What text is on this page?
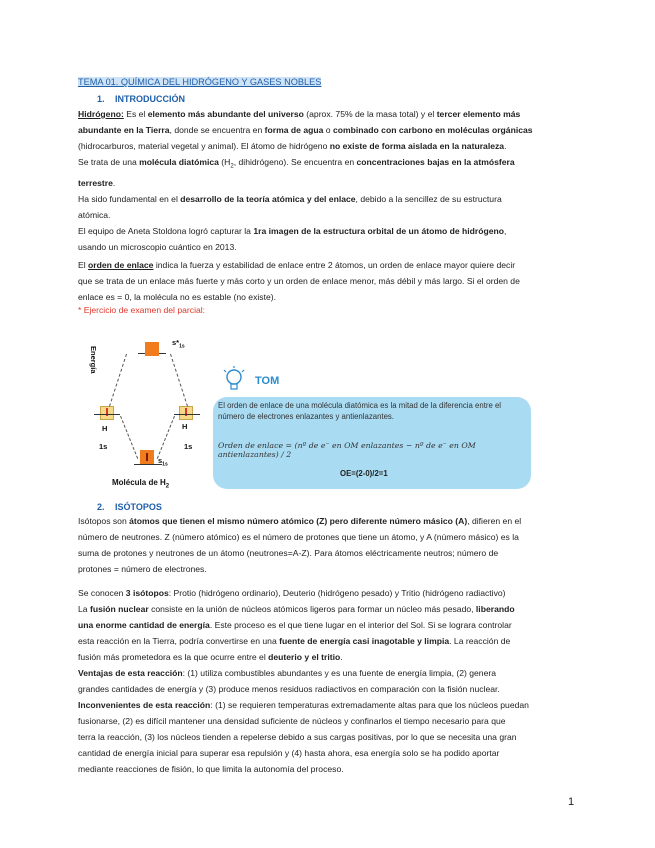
TEMA 01. QUÍMICA DEL HIDRÓGENO Y GASES NOBLES
1. INTRODUCCIÓN
Hidrógeno: Es el elemento más abundante del universo (aprox. 75% de la masa total) y el tercer elemento más
abundante en la Tierra, donde se encuentra en forma de agua o combinado con carbono en moléculas orgánicas
(hidrocarburos, material vegetal y animal). El átomo de hidrógeno no existe de forma aislada en la naturaleza.
Se trata de una molécula diatómica ($H_2$, dihidrógeno). Se encuentra en concentraciones bajas en la atmósfera
terrestre.
Ha sido fundamental en el desarrollo de la teoría atómica y del enlace, debido a la sencillez de su estructura
atómica.
El equipo de Aneta Stoldona logró capturar la 1ra imagen de la estructura orbital de un átomo de hidrógeno,
usando un microscopio cuántico en 2013.
El orden de enlace indica la fuerza y estabilidad de enlace entre 2 átomos, un orden de enlace mayor quiere decir
que se trata de un enlace más fuerte y más corto y un orden de enlace menor, más débil y más largo. Si el orden de
enlace es = 0, la molécula no es estable (no existe).
* Ejercicio de examen del parcial:
Energía
$s*_{1s}$
H	H
1s	1s
$s_{1s}$
Molécula de $H_2$
TOM
El orden de enlace de una molécula diatómica es la mitad de la diferencia entre el número de electrones enlazantes y antienlazantes.
Orden de enlace = (nº de e⁻ en OM enlazantes − nº de e⁻ en OM antienlazantes) / 2
OE=(2-0)/2=1
2. ISÓTOPOS
Isótopos son átomos que tienen el mismo número atómico (Z) pero diferente número másico (A), difieren en el
número de neutrones. Z (número atómico) es el número de protones que tiene un átomo, y A (número másico) es la
suma de protones y neutrones de un átomo (neutrones=A-Z). Para átomos eléctricamente neutros; número de
protones = número de electrones.
Se conocen 3 isótopos: Protio (hidrógeno ordinario), Deuterio (hidrógeno pesado) y Tritio (hidrógeno radiactivo)
La fusión nuclear consiste en la unión de núcleos atómicos ligeros para formar un núcleo más pesado, liberando
una enorme cantidad de energía. Este proceso es el que tiene lugar en el interior del Sol. Si se lograra controlar
esta reacción en la Tierra, podría convertirse en una fuente de energía casi inagotable y limpia. La reacción de
fusión más prometedora es la que ocurre entre el deuterio y el tritio.
Ventajas de esta reacción: (1) utiliza combustibles abundantes y es una fuente de energía limpia, (2) genera
grandes cantidades de energía y (3) produce menos residuos radiactivos en comparación con la fisión nuclear.
Inconvenientes de esta reacción: (1) se requieren temperaturas extremadamente altas para que los núcleos puedan
fusionarse, (2) es difícil mantener una densidad suficiente de núcleos y confinarlos el tiempo necesario para que
terra la reacción, (3) los núcleos tienden a repelerse debido a sus cargas positivas, por lo que se necesita una gran
cantidad de energía inicial para superar esa repulsión y (4) hasta ahora, esa energía solo se ha podido aportar
mediante reacciones de fisión, lo que limita la autonomía del proceso.
1
